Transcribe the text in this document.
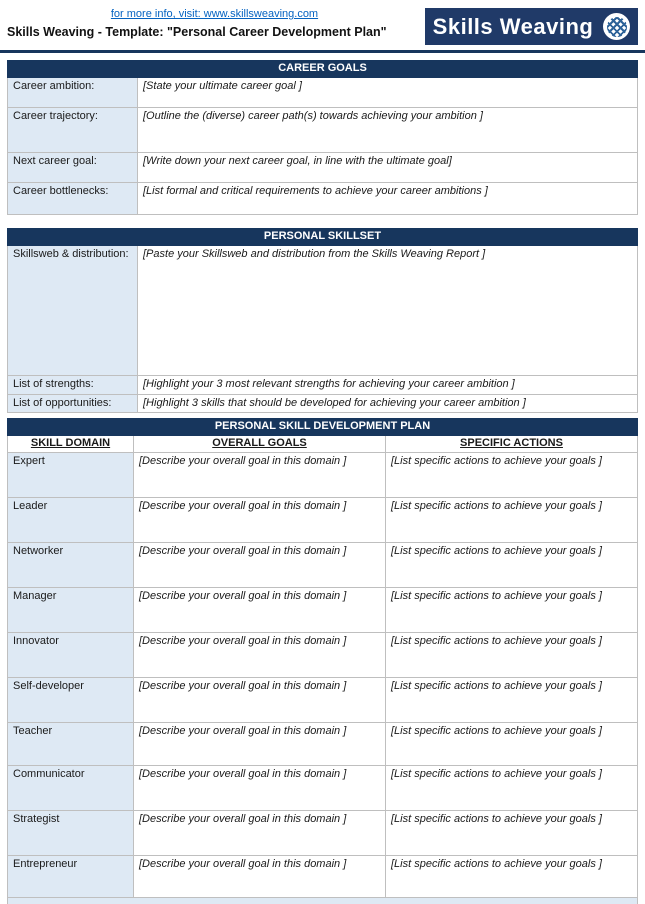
for more info, visit: www.skillsweaving.com
Skills Weaving - Template: "Personal Career Development Plan"	Skills Weaving
CAREER GOALS	
Career ambition:	[State your ultimate career goal ]
Career trajectory:	[Outline the (diverse) career path(s) towards achieving your ambition ]
Next career goal:	[Write down your next career goal, in line with the ultimate goal]
Career bottlenecks:	[List formal and critical requirements to achieve your career ambitions ]
PERSONAL SKILLSET	
Skillsweb & distribution:	[Paste your Skillsweb and distribution from the Skills Weaving Report ]
List of strengths:	[Highlight your 3 most relevant strengths for achieving your career ambition ]
List of opportunities:	[Highlight 3 skills that should be developed for achieving your career ambition ]
PERSONAL SKILL DEVELOPMENT PLAN		
SKILL DOMAIN	OVERALL GOALS	SPECIFIC ACTIONS
Expert	[Describe your overall goal in this domain ]	[List specific actions to achieve your goals ]
Leader	[Describe your overall goal in this domain ]	[List specific actions to achieve your goals ]
Networker	[Describe your overall goal in this domain ]	[List specific actions to achieve your goals ]
Manager	[Describe your overall goal in this domain ]	[List specific actions to achieve your goals ]
Innovator	[Describe your overall goal in this domain ]	[List specific actions to achieve your goals ]
Self-developer	[Describe your overall goal in this domain ]	[List specific actions to achieve your goals ]
Teacher	[Describe your overall goal in this domain ]	[List specific actions to achieve your goals ]
Communicator	[Describe your overall goal in this domain ]	[List specific actions to achieve your goals ]
Strategist	[Describe your overall goal in this domain ]	[List specific actions to achieve your goals ]
Entrepreneur	[Describe your overall goal in this domain ]	[List specific actions to achieve your goals ]
